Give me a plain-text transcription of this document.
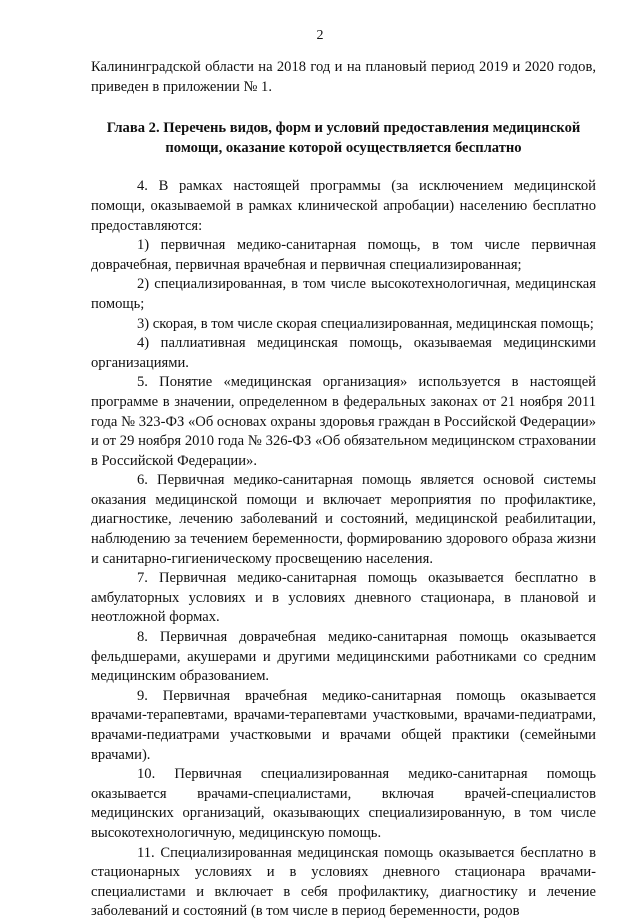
2

Калининградской области на 2018 год и на плановый период 2019 и 2020 годов, приведен в приложении № 1.

Глава 2. Перечень видов, форм и условий предоставления медицинской помощи, оказание которой осуществляется бесплатно

4. В рамках настоящей программы (за исключением медицинской помощи, оказываемой в рамках клинической апробации) населению бесплатно предоставляются:

1) первичная медико-санитарная помощь, в том числе первичная доврачебная, первичная врачебная и первичная специализированная;

2) специализированная, в том числе высокотехнологичная, медицинская помощь;

3) скорая, в том числе скорая специализированная, медицинская помощь;

4) паллиативная медицинская помощь, оказываемая медицинскими организациями.

5. Понятие «медицинская организация» используется в настоящей программе в значении, определенном в федеральных законах от 21 ноября 2011 года № 323-ФЗ «Об основах охраны здоровья граждан в Российской Федерации» и от 29 ноября 2010 года № 326-ФЗ «Об обязательном медицинском страховании в Российской Федерации».

6. Первичная медико-санитарная помощь является основой системы оказания медицинской помощи и включает мероприятия по профилактике, диагностике, лечению заболеваний и состояний, медицинской реабилитации, наблюдению за течением беременности, формированию здорового образа жизни и санитарно-гигиеническому просвещению населения.

7. Первичная медико-санитарная помощь оказывается бесплатно в амбулаторных условиях и в условиях дневного стационара, в плановой и неотложной формах.

8. Первичная доврачебная медико-санитарная помощь оказывается фельдшерами, акушерами и другими медицинскими работниками со средним медицинским образованием.

9. Первичная врачебная медико-санитарная помощь оказывается врачами-терапевтами, врачами-терапевтами участковыми, врачами-педиатрами, врачами-педиатрами участковыми и врачами общей практики (семейными врачами).

10. Первичная специализированная медико-санитарная помощь оказывается врачами-специалистами, включая врачей-специалистов медицинских организаций, оказывающих специализированную, в том числе высокотехнологичную, медицинскую помощь.

11. Специализированная медицинская помощь оказывается бесплатно в стационарных условиях и в условиях дневного стационара врачами-специалистами и включает в себя профилактику, диагностику и лечение заболеваний и состояний (в том числе в период беременности, родов
